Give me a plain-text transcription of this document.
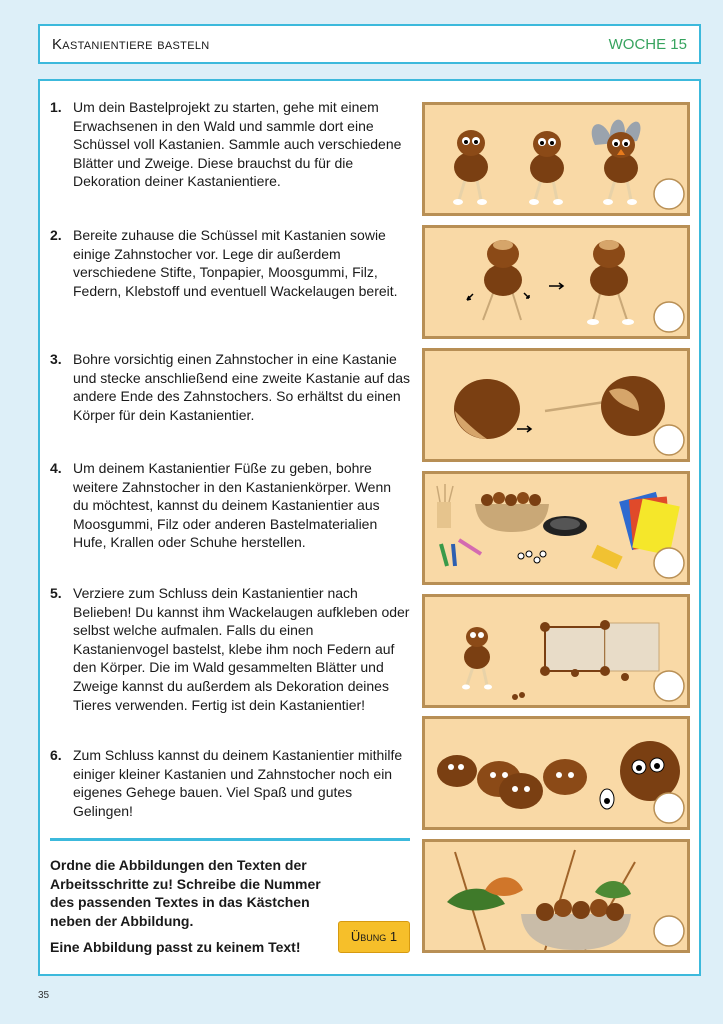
Kastanientiere basteln	WOCHE 15
1. Um dein Bastelprojekt zu starten, gehe mit einem Erwachsenen in den Wald und sammle dort eine Schüssel voll Kastanien. Sammle auch verschiedene Blätter und Zweige. Diese brauchst du für die Dekoration deiner Kastanientiere.
2. Bereite zuhause die Schüssel mit Kastanien sowie einige Zahnstocher vor. Lege dir außerdem verschiedene Stifte, Tonpapier, Moosgummi, Filz, Federn, Klebstoff und eventuell Wackelaugen bereit.
3. Bohre vorsichtig einen Zahnstocher in eine Kastanie und stecke anschließend eine zweite Kastanie auf das andere Ende des Zahnstochers. So erhältst du einen Körper für dein Kastanientier.
4. Um deinem Kastanientier Füße zu geben, bohre weitere Zahnstocher in den Kastanienkörper. Wenn du möchtest, kannst du deinem Kastanientier aus Moosgummi, Filz oder anderen Bastelmaterialien Hufe, Krallen oder Schuhe herstellen.
5. Verziere zum Schluss dein Kastanientier nach Belieben! Du kannst ihm Wackelaugen aufkleben oder selbst welche aufmalen. Falls du einen Kastanienvogel bastelst, klebe ihm noch Federn auf den Körper. Die im Wald gesammelten Blätter und Zweige kannst du außerdem als Dekoration deines Tieres verwenden. Fertig ist dein Kastanientier!
6. Zum Schluss kannst du deinem Kastanientier mithilfe einiger kleiner Kastanien und Zahnstocher noch ein eigenes Gehege bauen. Viel Spaß und gutes Gelingen!
Ordne die Abbildungen den Texten der Arbeitsschritte zu! Schreibe die Nummer des passenden Textes in das Kästchen neben der Abbildung.
Eine Abbildung passt zu keinem Text!
Übung 1
35
